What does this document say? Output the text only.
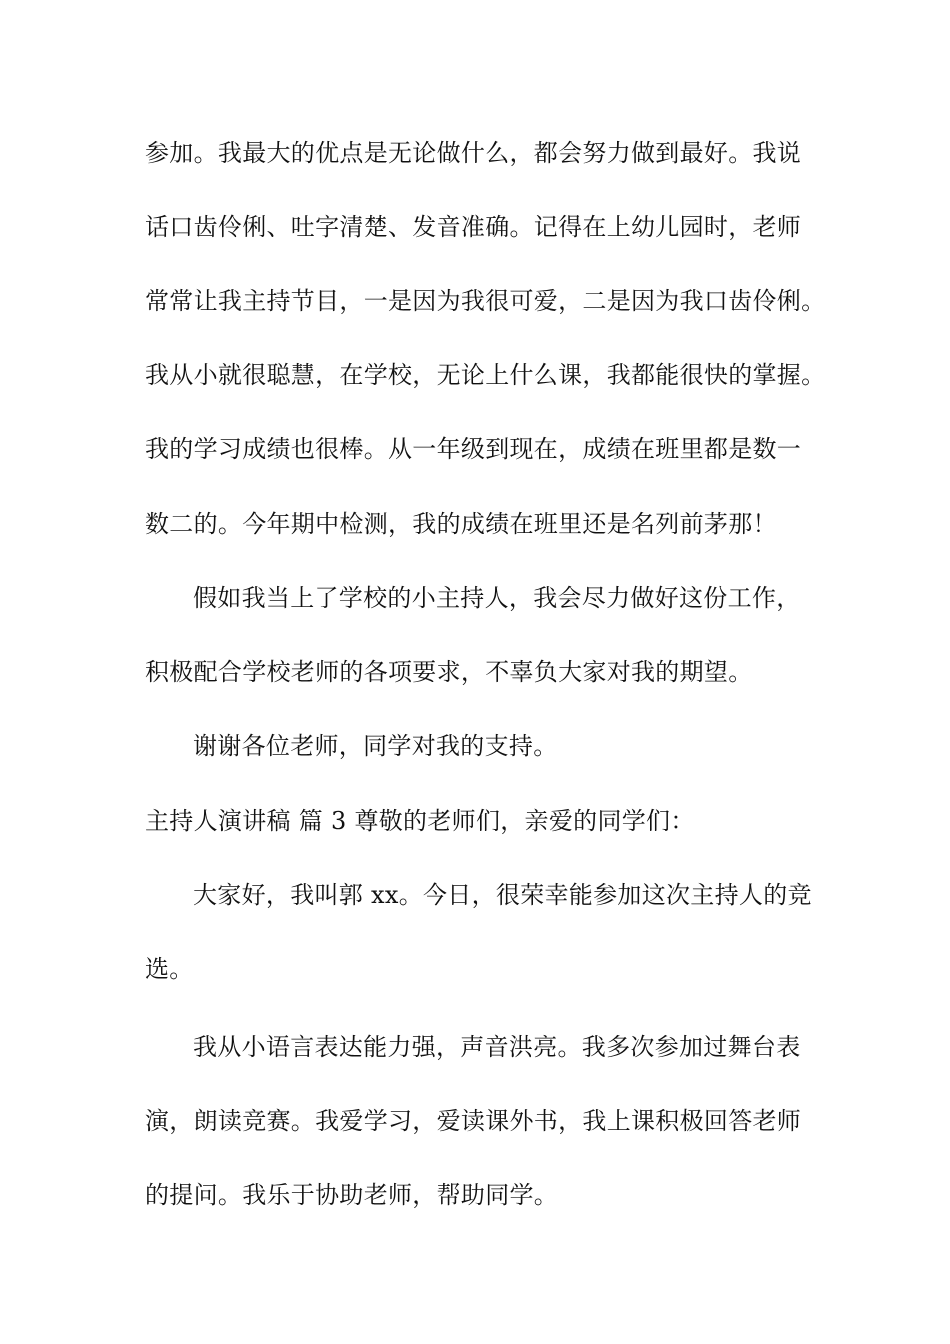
参加。我最大的优点是无论做什么，都会努力做到最好。我说
话口齿伶俐、吐字清楚、发音准确。记得在上幼儿园时，老师
常常让我主持节目，一是因为我很可爱，二是因为我口齿伶俐。
我从小就很聪慧，在学校，无论上什么课，我都能很快的掌握。
我的学习成绩也很棒。从一年级到现在，成绩在班里都是数一
数二的。今年期中检测，我的成绩在班里还是名列前茅那！
假如我当上了学校的小主持人，我会尽力做好这份工作，
积极配合学校老师的各项要求，不辜负大家对我的期望。
谢谢各位老师，同学对我的支持。
主持人演讲稿 篇 3 尊敬的老师们，亲爱的同学们：
大家好，我叫郭 xx。今日，很荣幸能参加这次主持人的竞
选。
我从小语言表达能力强，声音洪亮。我多次参加过舞台表
演，朗读竞赛。我爱学习，爱读课外书，我上课积极回答老师
的提问。我乐于协助老师，帮助同学。
